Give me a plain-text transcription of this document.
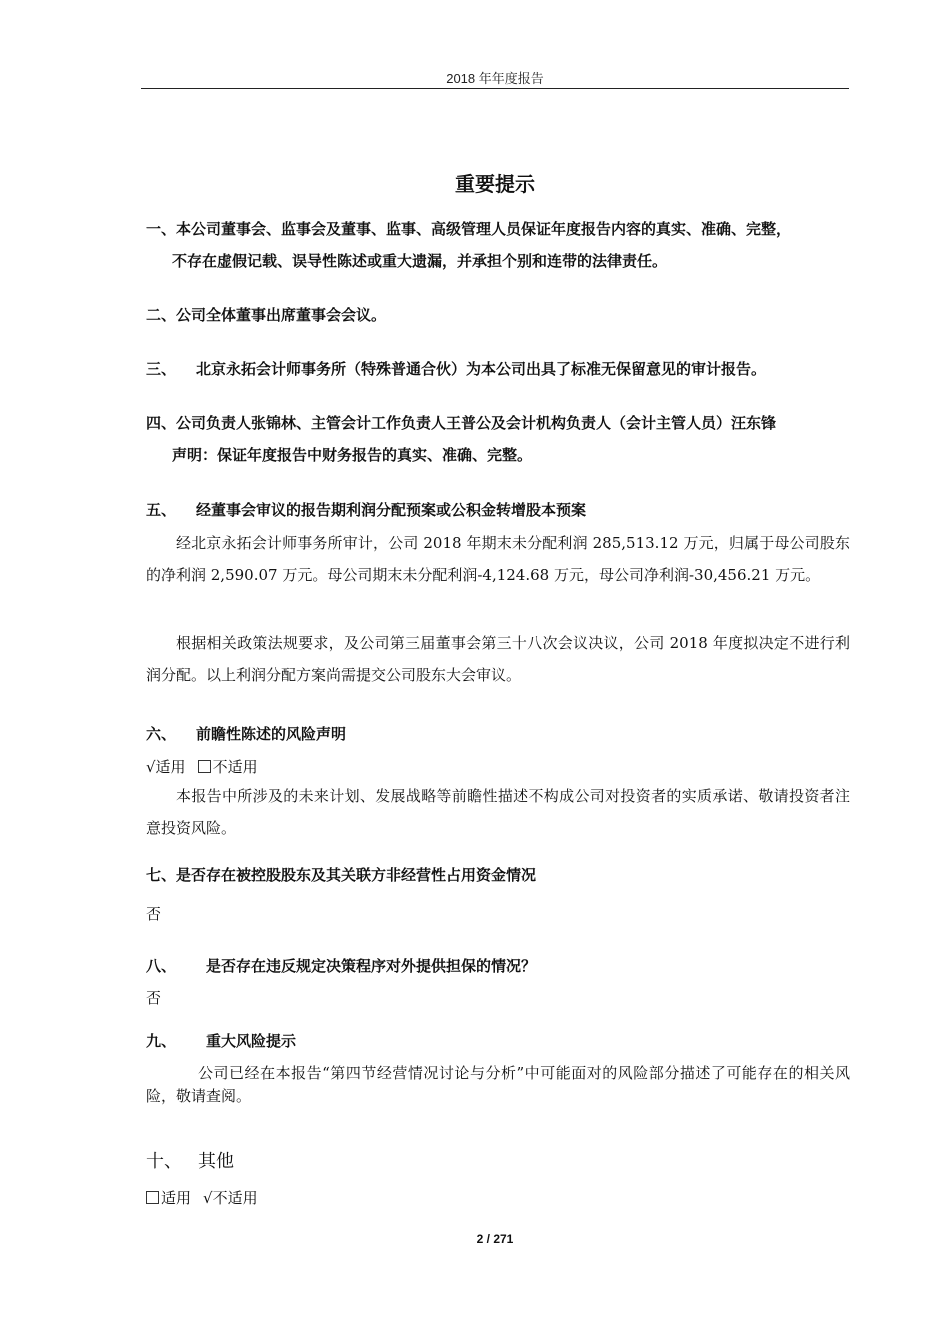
2018 年年度报告
重要提示
一、本公司董事会、监事会及董事、监事、高级管理人员保证年度报告内容的真实、准确、完整，
不存在虚假记载、误导性陈述或重大遗漏，并承担个别和连带的法律责任。
二、公司全体董事出席董事会会议。
三、 北京永拓会计师事务所（特殊普通合伙）为本公司出具了标准无保留意见的审计报告。
四、公司负责人张锦林、主管会计工作负责人王普公及会计机构负责人（会计主管人员）汪东锋
声明：保证年度报告中财务报告的真实、准确、完整。
五、 经董事会审议的报告期利润分配预案或公积金转增股本预案

经北京永拓会计师事务所审计，公司 2018 年期末未分配利润 285,513.12 万元，归属于母公司股东的净利润 2,590.07 万元。母公司期末未分配利润-4,124.68 万元，母公司净利润-30,456.21 万元。

根据相关政策法规要求，及公司第三届董事会第三十八次会议决议，公司 2018 年度拟决定不进行利润分配。以上利润分配方案尚需提交公司股东大会审议。

六、 前瞻性陈述的风险声明
√适用 不适用

本报告中所涉及的未来计划、发展战略等前瞻性描述不构成公司对投资者的实质承诺、敬请投资者注意投资风险。

七、是否存在被控股股东及其关联方非经营性占用资金情况
否
八、 是否存在违反规定决策程序对外提供担保的情况？
否
九、 重大风险提示

公司已经在本报告“第四节经营情况讨论与分析”中可能面对的风险部分描述了可能存在的相关风险，敬请查阅。

十、 其他
适用 √不适用
2 / 271
